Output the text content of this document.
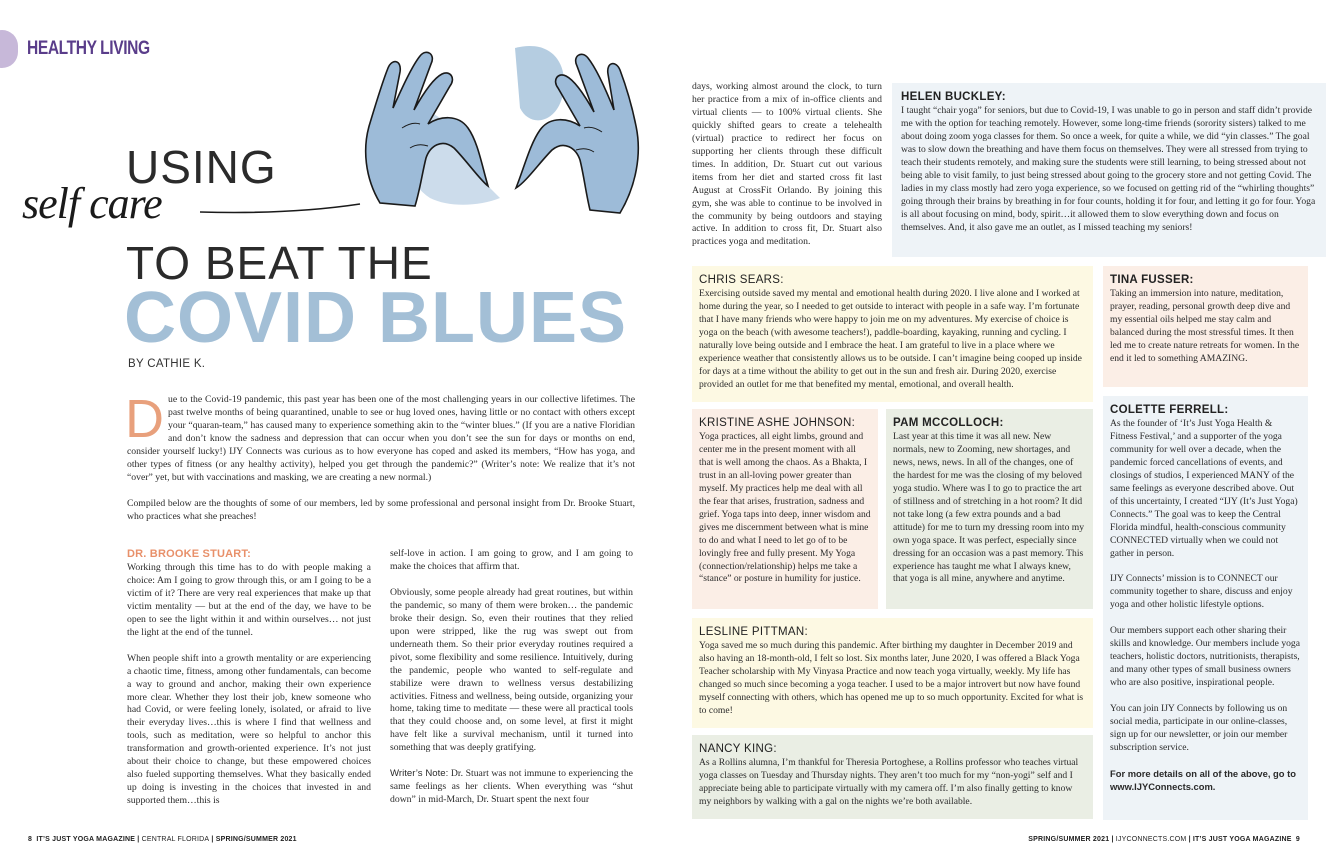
HEALTHY LIVING
USING
self care
TO BEAT THE
COVID BLUES
BY CATHIE K.

Due to the Covid-19 pandemic, this past year has been one of the most challenging years in our collective lifetimes. The past twelve months of being quarantined, unable to see or hug loved ones, having little or no contact with others except your “quaran-team,” has caused many to experience something akin to the “winter blues.” (If you are a native Floridian and don’t know the sadness and depression that can occur when you don’t see the sun for days or months on end, consider yourself lucky!) IJY Connects was curious as to how everyone has coped and asked its members, “How has yoga, and other types of fitness (or any healthy activity), helped you get through the pandemic?” (Writer’s note: We realize that it’s not “over” yet, but with vaccinations and masking, we are creating a new normal.)

Compiled below are the thoughts of some of our members, led by some professional and personal insight from Dr. Brooke Stuart, who practices what she preaches!

DR. BROOKE STUART:

Working through this time has to do with people making a choice: Am I going to grow through this, or am I going to be a victim of it? There are very real experiences that make up that victim mentality — but at the end of the day, we have to be open to see the light within it and within ourselves… not just the light at the end of the tunnel.

When people shift into a growth mentality or are experiencing a chaotic time, fitness, among other fundamentals, can become a way to ground and anchor, making their own experience more clear. Whether they lost their job, knew someone who had Covid, or were feeling lonely, isolated, or afraid to live their everyday lives…this is where I find that wellness and tools, such as meditation, were so helpful to anchor this transformation and growth-oriented experience. It’s not just about their choice to change, but these empowered choices also fueled supporting themselves. What they basically ended up doing is investing in the choices that invested in and supported them…this is

self-love in action. I am going to grow, and I am going to make the choices that affirm that.

Obviously, some people already had great routines, but within the pandemic, so many of them were broken… the pandemic broke their design. So, even their routines that they relied upon were stripped, like the rug was swept out from underneath them. So their prior everyday routines required a pivot, some flexibility and some resilience. Intuitively, during the pandemic, people who wanted to self-regulate and stabilize were drawn to wellness versus destabilizing activities. Fitness and wellness, being outside, organizing your home, taking time to meditate — these were all practical tools that they could choose and, on some level, at first it might have felt like a survival mechanism, until it turned into something that was deeply gratifying.

Writer’s Note: Dr. Stuart was not immune to experiencing the same feelings as her clients. When everything was “shut down” in mid-March, Dr. Stuart spent the next four

days, working almost around the clock, to turn her practice from a mix of in-office clients and virtual clients — to 100% virtual clients. She quickly shifted gears to create a telehealth (virtual) practice to redirect her focus on supporting her clients through these difficult times. In addition, Dr. Stuart cut out various items from her diet and started cross fit last August at CrossFit Orlando. By joining this gym, she was able to continue to be involved in the community by being outdoors and staying active. In addition to cross fit, Dr. Stuart also practices yoga and meditation.

HELEN BUCKLEY:
I taught “chair yoga” for seniors, but due to Covid-19, I was unable to go in person and staff didn’t provide me with the option for teaching remotely. However, some long-time friends (sorority sisters) talked to me about doing zoom yoga classes for them. So once a week, for quite a while, we did “yin classes.” The goal was to slow down the breathing and have them focus on themselves. They were all stressed from trying to teach their students remotely, and making sure the students were still learning, to being stressed about not being able to visit family, to just being stressed about going to the grocery store and not getting Covid. The ladies in my class mostly had zero yoga experience, so we focused on getting rid of the “whirling thoughts” going through their brains by breathing in for four counts, holding it for four, and letting it go for four. Yoga is all about focusing on mind, body, spirit…it allowed them to slow everything down and focus on themselves. And, it also gave me an outlet, as I missed teaching my seniors!
CHRIS SEARS:
Exercising outside saved my mental and emotional health during 2020. I live alone and I worked at home during the year, so I needed to get outside to interact with people in a safe way. I’m fortunate that I have many friends who were happy to join me on my adventures. My exercise of choice is yoga on the beach (with awesome teachers!), paddle-boarding, kayaking, running and cycling. I naturally love being outside and I embrace the heat. I am grateful to live in a place where we experience weather that consistently allows us to be outside. I can’t imagine being cooped up inside for days at a time without the ability to get out in the sun and fresh air. During 2020, exercise provided an outlet for me that benefited my mental, emotional, and overall health.
TINA FUSSER:
Taking an immersion into nature, meditation, prayer, reading, personal growth deep dive and my essential oils helped me stay calm and balanced during the most stressful times. It then led me to create nature retreats for women. In the end it led to something AMAZING.
KRISTINE ASHE JOHNSON:
Yoga practices, all eight limbs, ground and center me in the present moment with all that is well among the chaos. As a Bhakta, I trust in an all-loving power greater than myself. My practices help me deal with all the fear that arises, frustration, sadness and grief. Yoga taps into deep, inner wisdom and gives me discernment between what is mine to do and what I need to let go of to be lovingly free and fully present. My Yoga (connection/relationship) helps me take a “stance” or posture in humility for justice.
PAM MCCOLLOCH:
Last year at this time it was all new. New normals, new to Zooming, new shortages, and news, news, news. In all of the changes, one of the hardest for me was the closing of my beloved yoga studio. Where was I to go to practice the art of stillness and of stretching in a hot room? It did not take long (a few extra pounds and a bad attitude) for me to turn my dressing room into my own yoga space. It was perfect, especially since dressing for an occasion was a past memory. This experience has taught me what I always knew, that yoga is all mine, anywhere and anytime.
LESLINE PITTMAN:
Yoga saved me so much during this pandemic. After birthing my daughter in December 2019 and also having an 18-month-old, I felt so lost. Six months later, June 2020, I was offered a Black Yoga Teacher scholarship with My Vinyasa Practice and now teach yoga virtually, weekly. My life has changed so much since becoming a yoga teacher. I used to be a major introvert but now have found myself connecting with others, which has opened me up to so much opportunity. Excited for what is to come!
NANCY KING:
As a Rollins alumna, I’m thankful for Theresia Portoghese, a Rollins professor who teaches virtual yoga classes on Tuesday and Thursday nights. They aren’t too much for my “non-yogi” self and I appreciate being able to participate virtually with my camera off. I’m also finally getting to know my neighbors by walking with a gal on the nights we’re both available.
COLETTE FERRELL:
As the founder of ‘It’s Just Yoga Health & Fitness Festival,’ and a supporter of the yoga community for well over a decade, when the pandemic forced cancellations of events, and closings of studios, I experienced MANY of the same feelings as everyone described above. Out of this uncertainty, I created “IJY (It’s Just Yoga) Connects.” The goal was to keep the Central Florida mindful, health-conscious community CONNECTED virtually when we could not gather in person.
IJY Connects’ mission is to CONNECT our community together to share, discuss and enjoy yoga and other holistic lifestyle options.
Our members support each other sharing their skills and knowledge. Our members include yoga teachers, holistic doctors, nutritionists, therapists, and many other types of small business owners who are also positive, inspirational people.
You can join IJY Connects by following us on social media, participate in our online-classes, sign up for our newsletter, or join our member subscription service.
For more details on all of the above, go to www.IJYConnects.com.
8 IT’S JUST YOGA MAGAZINE | CENTRAL FLORIDA | SPRING/SUMMER 2021	SPRING/SUMMER 2021 | IJYCONNECTS.COM | IT’S JUST YOGA MAGAZINE 9
